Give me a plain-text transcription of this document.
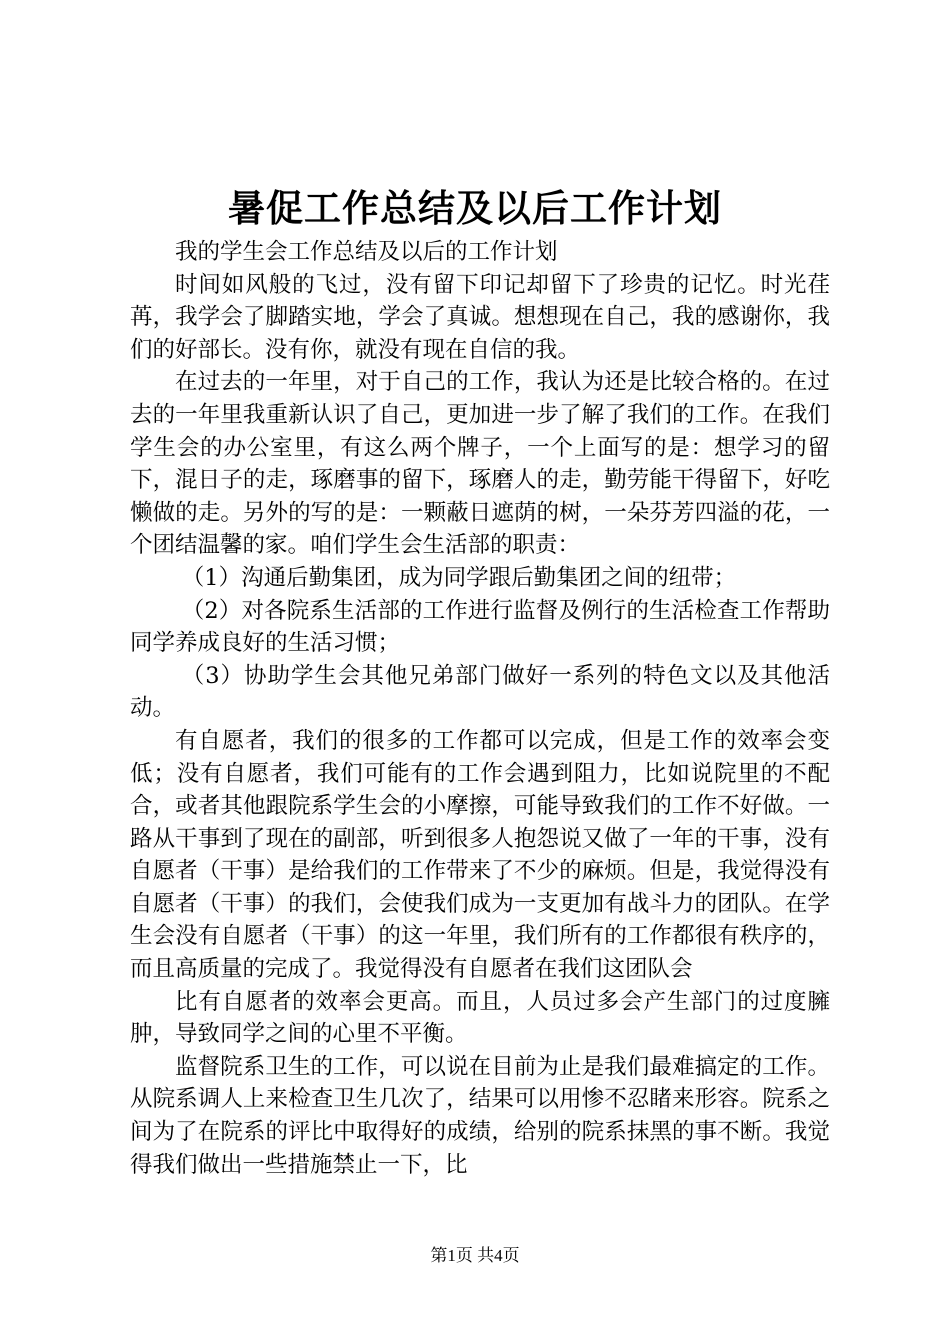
暑促工作总结及以后工作计划

我的学生会工作总结及以后的工作计划

时间如风般的飞过，没有留下印记却留下了珍贵的记忆。时光荏苒，我学会了脚踏实地，学会了真诚。想想现在自己，我的感谢你，我们的好部长。没有你，就没有现在自信的我。

在过去的一年里，对于自己的工作，我认为还是比较合格的。在过去的一年里我重新认识了自己，更加进一步了解了我们的工作。在我们学生会的办公室里，有这么两个牌子，一个上面写的是：想学习的留下，混日子的走，琢磨事的留下，琢磨人的走，勤劳能干得留下，好吃懒做的走。另外的写的是：一颗蔽日遮荫的树，一朵芬芳四溢的花，一个团结温馨的家。咱们学生会生活部的职责：

（1）沟通后勤集团，成为同学跟后勤集团之间的纽带；

（2）对各院系生活部的工作进行监督及例行的生活检查工作帮助同学养成良好的生活习惯；

（3）协助学生会其他兄弟部门做好一系列的特色文以及其他活动。

有自愿者，我们的很多的工作都可以完成，但是工作的效率会变低；没有自愿者，我们可能有的工作会遇到阻力，比如说院里的不配合，或者其他跟院系学生会的小摩擦，可能导致我们的工作不好做。一路从干事到了现在的副部，听到很多人抱怨说又做了一年的干事，没有自愿者（干事）是给我们的工作带来了不少的麻烦。但是，我觉得没有自愿者（干事）的我们，会使我们成为一支更加有战斗力的团队。在学生会没有自愿者（干事）的这一年里，我们所有的工作都很有秩序的，而且高质量的完成了。我觉得没有自愿者在我们这团队会

比有自愿者的效率会更高。而且，人员过多会产生部门的过度臃肿，导致同学之间的心里不平衡。

监督院系卫生的工作，可以说在目前为止是我们最难搞定的工作。从院系调人上来检查卫生几次了，结果可以用惨不忍睹来形容。院系之间为了在院系的评比中取得好的成绩，给别的院系抹黑的事不断。我觉得我们做出一些措施禁止一下，比

第1页 共4页
